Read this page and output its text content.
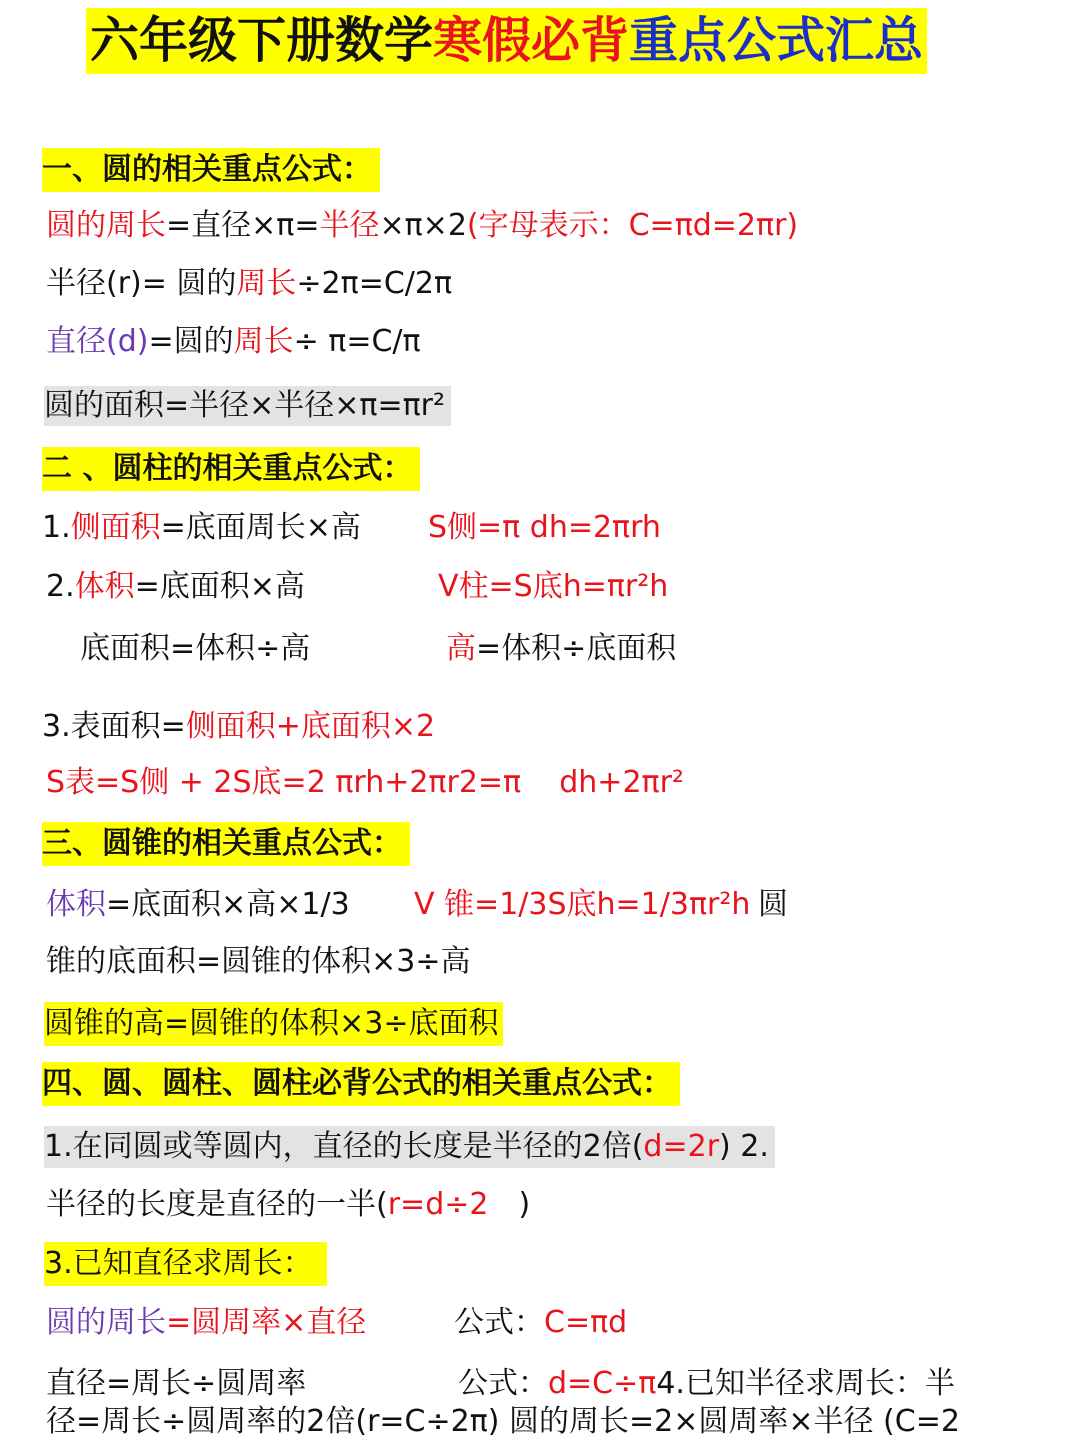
六年级下册数学寒假必背重点公式汇总
一、圆的相关重点公式：
圆的周长=直径×π=半径×π×2(字母表示：C=πd=2πr)
半径(r)= 圆的周长÷2π=C/2π
直径(d)=圆的周长÷ π=C/π
圆的面积=半径×半径×π=πr²
二 、圆柱的相关重点公式：
1.侧面积=底面周长×高 S侧=π dh=2πrh
2.体积=底面积×高	V柱=S底h=πr²h
底面积=体积÷高	高=体积÷底面积
3.表面积=侧面积+底面积×2
S表=S侧 + 2S底=2 πrh+2πr2=π    dh+2πr²
三、圆锥的相关重点公式：
体积=底面积×高×1/3 V 锥=1/3S底h=1/3πr²h 圆
锥的底面积=圆锥的体积×3÷高
圆锥的高=圆锥的体积×3÷底面积
四、圆、圆柱、圆柱必背公式的相关重点公式：
1.在同圆或等圆内，直径的长度是半径的2倍(d=2r) 2.
半径的长度是直径的一半(r=d÷2 )
3.已知直径求周长：
圆的周长=圆周率×直径	公式：C=πd
直径=周长÷圆周率	公式：d=C÷π4.已知半径求周长：半
径=周长÷圆周率的2倍(r=C÷2π) 圆的周长=2×圆周率×半径 (C=2
